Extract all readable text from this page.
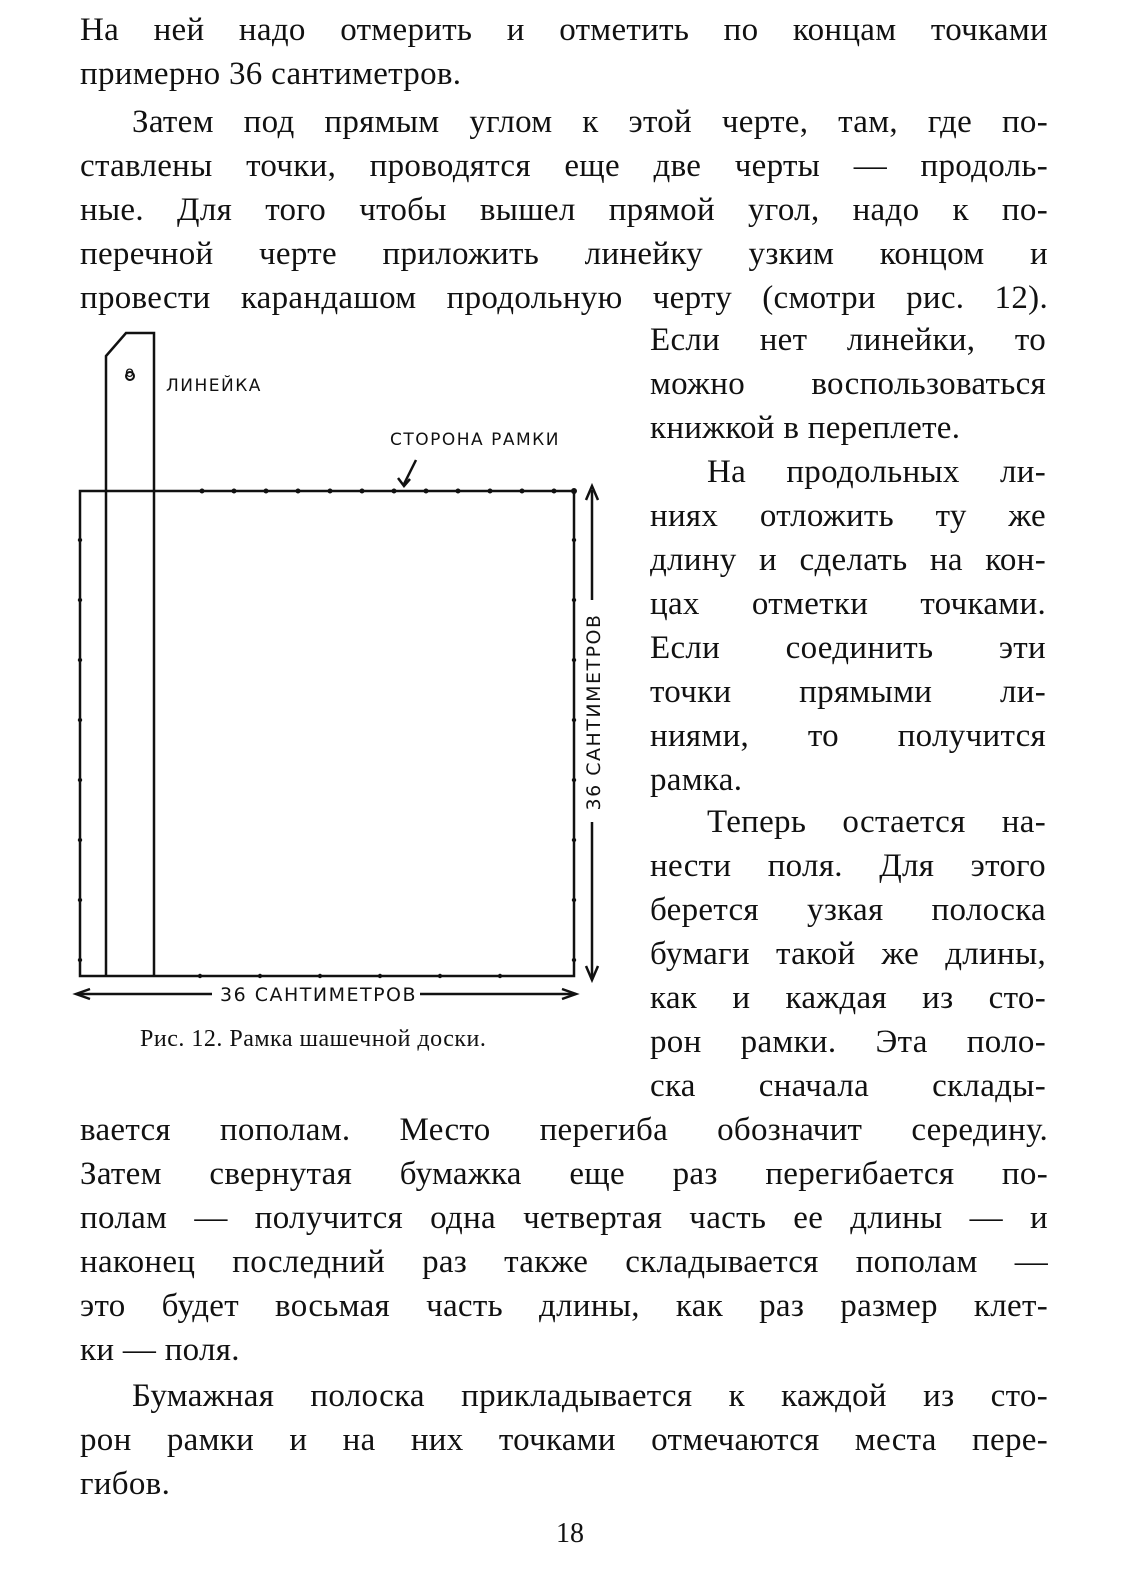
На ней надо отмерить и отметить по концам точками
примерно 36 сантиметров.
Затем под прямым углом к этой черте, там, где по-
ставлены точки, проводятся еще две черты — продоль-
ные. Для того чтобы вышел прямой угол, надо к по-
перечной черте приложить линейку узким концом и
провести карандашом продольную черту (смотри рис. 12).
Если нет линейки, то
можно воспользоваться
книжкой в переплете.
На продольных ли-
ниях отложить ту же
длину и сделать на кон-
цах отметки точками.
Если соединить эти
точки прямыми ли-
ниями, то получится
рамка.
Теперь остается на-
нести поля. Для этого
берется узкая полоска
бумаги такой же длины,
как и каждая из сто-
рон рамки. Эта поло-
ска сначала склады-
вается пополам. Место перегиба обозначит середину.
Затем свернутая бумажка еще раз перегибается по-
полам — получится одна четвертая часть ее длины — и
наконец последний раз также складывается пополам —
это будет восьмая часть длины, как раз размер клет-
ки — поля.
Бумажная полоска прикладывается к каждой из сто-
рон рамки и на них точками отмечаются места пере-
гибов.
36 САНТИМЕТРОВ
о
ЛИНЕЙКА
СТОРОНА РАМКИ
36 САНТИМЕТРОВ
Рис. 12. Рамка шашечной доски.
18
